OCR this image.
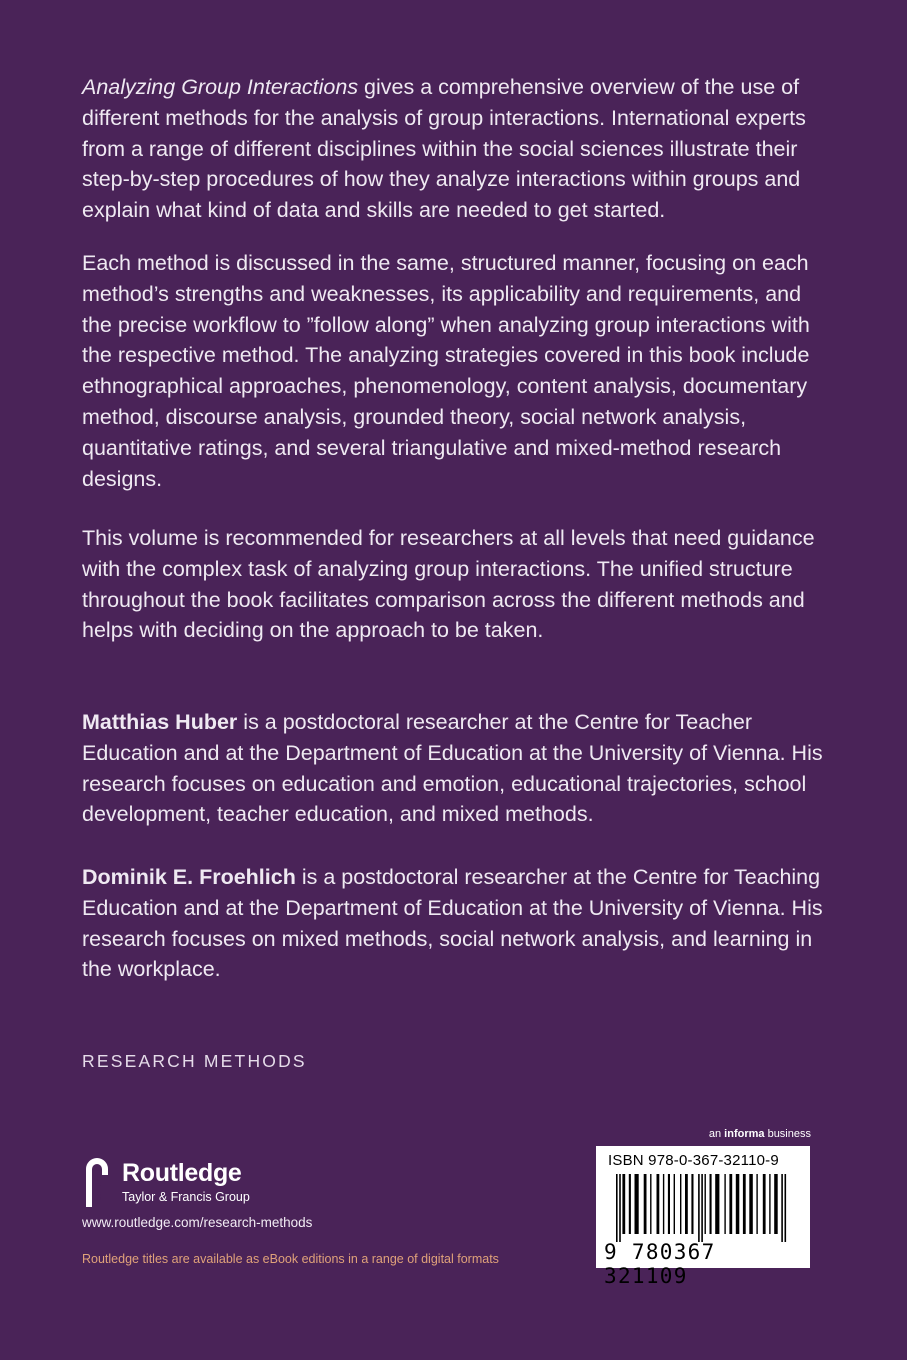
Analyzing Group Interactions gives a comprehensive overview of the use of different methods for the analysis of group interactions. International experts from a range of different disciplines within the social sciences illustrate their step-by-step procedures of how they analyze interactions within groups and explain what kind of data and skills are needed to get started.

Each method is discussed in the same, structured manner, focusing on each method’s strengths and weaknesses, its applicability and requirements, and the precise workflow to ”follow along” when analyzing group interactions with the respective method. The analyzing strategies covered in this book include ethnographical approaches, phenomenology, content analysis, documentary method, discourse analysis, grounded theory, social network analysis, quantitative ratings, and several triangulative and mixed-method research designs.

This volume is recommended for researchers at all levels that need guidance with the complex task of analyzing group interactions. The unified structure throughout the book facilitates comparison across the different methods and helps with deciding on the approach to be taken.

Matthias Huber is a postdoctoral researcher at the Centre for Teacher Education and at the Department of Education at the University of Vienna. His research focuses on education and emotion, educational trajectories, school development, teacher education, and mixed methods.

Dominik E. Froehlich is a postdoctoral researcher at the Centre for Teaching Education and at the Department of Education at the University of Vienna. His research focuses on mixed methods, social network analysis, and learning in the workplace.

RESEARCH METHODS
ROUTLEDGE Routledge
Taylor & Francis Group
www.routledge.com/research-methods
Routledge titles are available as eBook editions in a range of digital formats
an informa business
ISBN 978-0-367-32110-9
9 780367 321109
